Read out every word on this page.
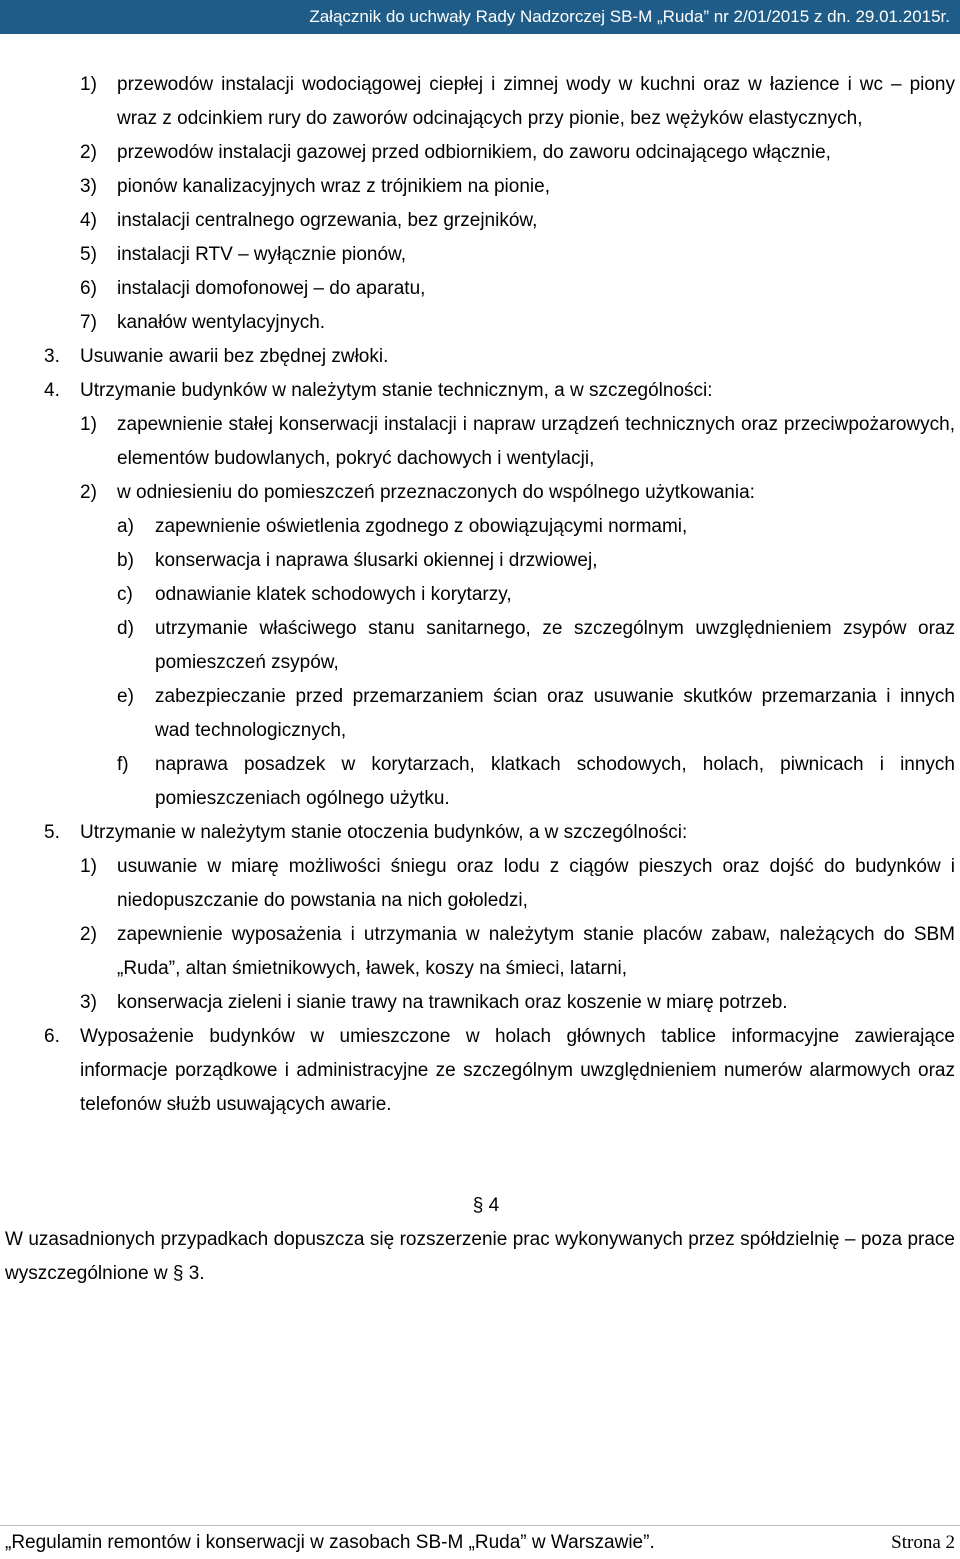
Załącznik do uchwały Rady Nadzorczej SB-M „Ruda” nr 2/01/2015 z dn. 29.01.2015r.
1) przewodów instalacji wodociągowej ciepłej i zimnej wody w kuchni oraz w łazience i wc – piony wraz z odcinkiem rury do zaworów odcinających przy pionie, bez wężyków elastycznych,
2) przewodów instalacji gazowej przed odbiornikiem, do zaworu odcinającego włącznie,
3) pionów kanalizacyjnych wraz z trójnikiem na pionie,
4) instalacji centralnego ogrzewania, bez grzejników,
5) instalacji RTV – wyłącznie pionów,
6) instalacji domofonowej – do aparatu,
7) kanałów wentylacyjnych.
3. Usuwanie awarii bez zbędnej zwłoki.
4. Utrzymanie budynków w należytym stanie technicznym, a w szczególności:
1) zapewnienie stałej konserwacji instalacji i napraw urządzeń technicznych oraz przeciwpożarowych, elementów budowlanych, pokryć dachowych i wentylacji,
2) w odniesieniu do pomieszczeń przeznaczonych do wspólnego użytkowania:
a) zapewnienie oświetlenia zgodnego z obowiązującymi normami,
b) konserwacja i naprawa ślusarki okiennej i drzwiowej,
c) odnawianie klatek schodowych i korytarzy,
d) utrzymanie właściwego stanu sanitarnego, ze szczególnym uwzględnieniem zsypów oraz pomieszczeń zsypów,
e) zabezpieczanie przed przemarzaniem ścian oraz usuwanie skutków przemarzania i innych wad technologicznych,
f) naprawa posadzek w korytarzach, klatkach schodowych, holach, piwnicach i innych pomieszczeniach ogólnego użytku.
5. Utrzymanie w należytym stanie otoczenia budynków, a w szczególności:
1) usuwanie w miarę możliwości śniegu oraz lodu z ciągów pieszych oraz dojść do budynków i niedopuszczanie do powstania na nich gołoledzi,
2) zapewnienie wyposażenia i utrzymania w należytym stanie placów zabaw, należących do SBM „Ruda”, altan śmietnikowych, ławek, koszy na śmieci, latarni,
3) konserwacja zieleni i sianie trawy na trawnikach oraz koszenie w miarę potrzeb.
6. Wyposażenie budynków w umieszczone w holach głównych tablice informacyjne zawierające informacje porządkowe i administracyjne ze szczególnym uwzględnieniem numerów alarmowych oraz telefonów służb usuwających awarie.
§ 4
W uzasadnionych przypadkach dopuszcza się rozszerzenie prac wykonywanych przez spółdzielnię – poza prace wyszczególnione w § 3.
„Regulamin remontów i konserwacji w zasobach SB-M „Ruda” w Warszawie”.	Strona 2
